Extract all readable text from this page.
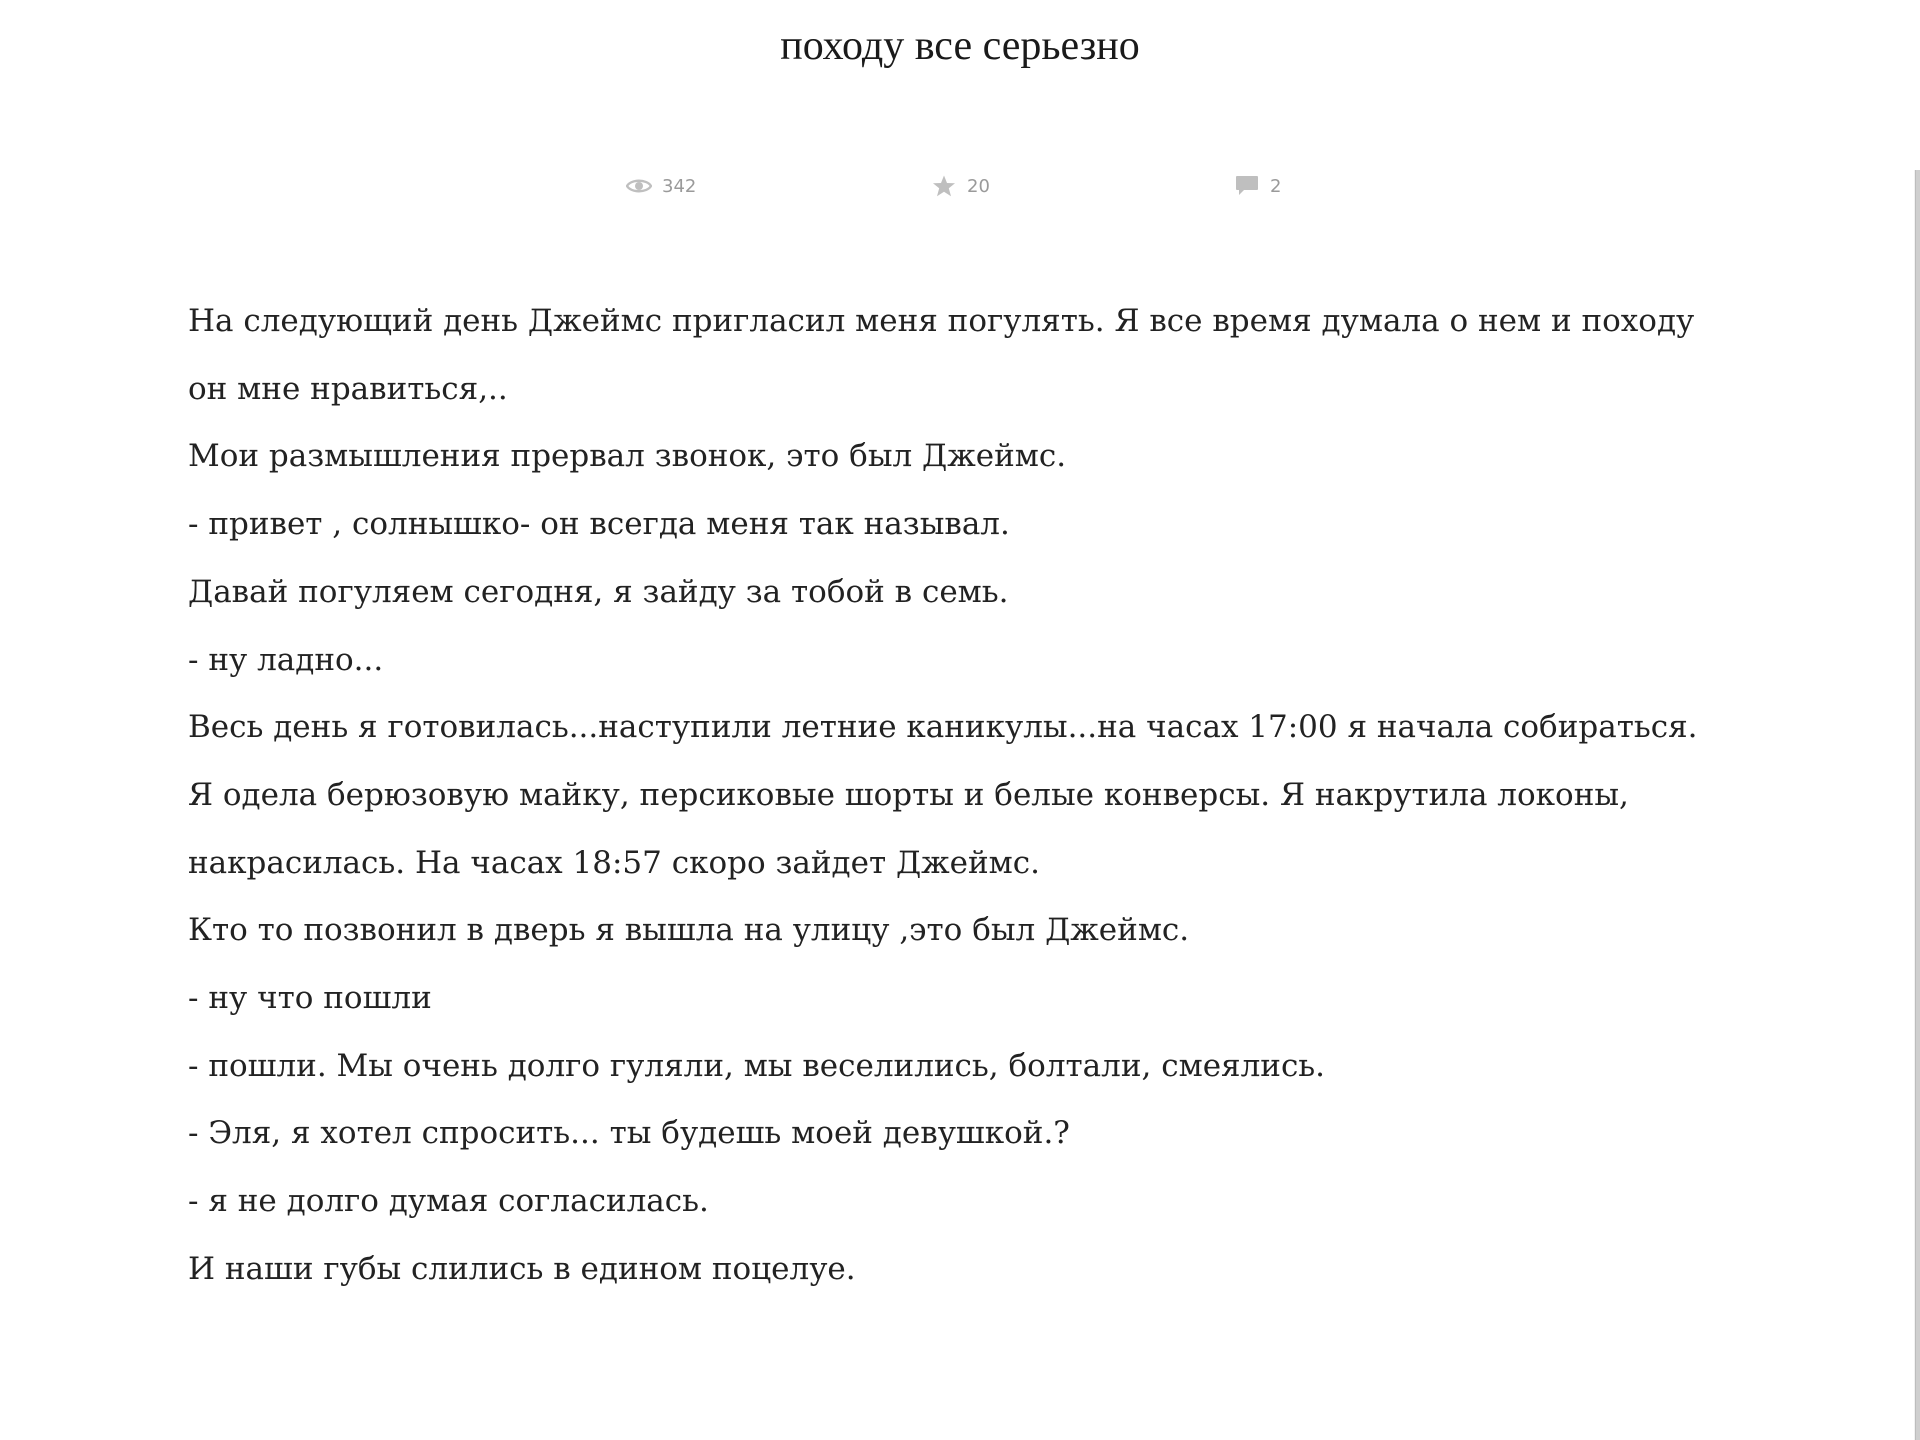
походу все серьезно
342	20	2

На следующий день Джеймс пригласил меня погулять. Я все время думала о нем и походу он мне нравиться,..

Мои размышления прервал звонок, это был Джеймс.

- привет , солнышко- он всегда меня так называл.

Давай погуляем сегодня, я зайду за тобой в семь.

- ну ладно...

Весь день я готовилась...наступили летние каникулы...на часах 17:00 я начала собираться. Я одела берюзовую майку, персиковые шорты и белые конверсы. Я накрутила локоны, накрасилась. На часах 18:57 скоро зайдет Джеймс.

Кто то позвонил в дверь я вышла на улицу ,это был Джеймс.

- ну что пошли

- пошли. Мы очень долго гуляли, мы веселились, болтали, смеялись.

- Эля, я хотел спросить... ты будешь моей девушкой.?

- я не долго думая согласилась.

И наши губы слились в едином поцелуе.
